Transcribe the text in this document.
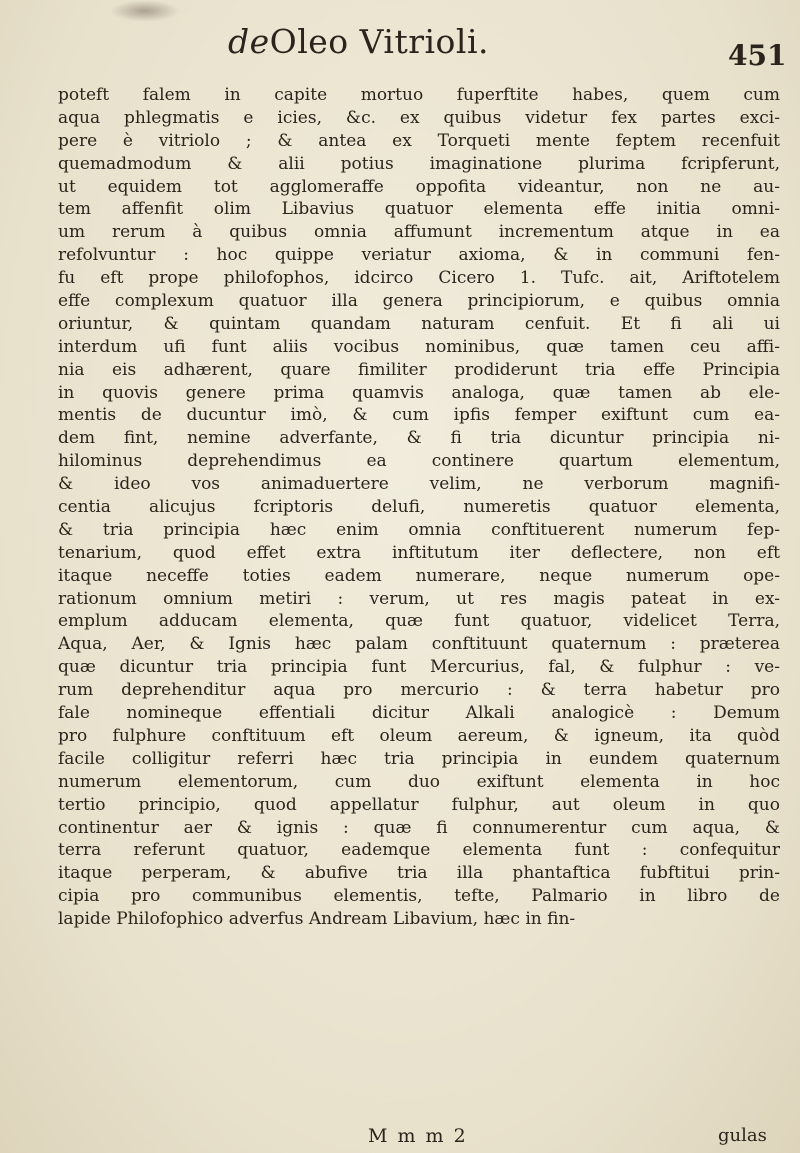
deOleo Vitrioli.	451
poteft falem in capite mortuo fuperftite habes, quem cum
aqua phlegmatis e icies, &c. ex quibus videtur fex partes exci-
pere è vitriolo ; & antea ex Torqueti mente feptem recenfuit
quemadmodum & alii potius imaginatione plurima fcripferunt,
ut equidem tot agglomeraffe oppofita videantur, non ne au-
tem affenfit olim Libavius quatuor elementa effe initia omni-
um rerum à quibus omnia affumunt incrementum atque in ea
refolvuntur : hoc quippe veriatur axioma, & in communi fen-
fu eft prope philofophos, idcirco Cicero 1. Tufc. ait, Ariftotelem
effe complexum quatuor illa genera principiorum, e quibus omnia
oriuntur, & quintam quandam naturam cenfuit. Et fi ali ui
interdum ufi funt aliis vocibus nominibus, quæ tamen ceu affi-
nia eis adhærent, quare fimiliter prodiderunt tria effe Principia
in quovis genere prima quamvis analoga, quæ tamen ab ele-
mentis de ducuntur imò, & cum ipfis femper exiftunt cum ea-
dem fint, nemine adverfante, & fi tria dicuntur principia ni-
hilominus deprehendimus ea continere quartum elementum,
& ideo vos animaduertere velim, ne verborum magnifi-
centia alicujus fcriptoris delufi, numeretis quatuor elementa,
& tria principia hæc enim omnia conftituerent numerum fep-
tenarium, quod effet extra inftitutum iter deflectere, non eft
itaque neceffe toties eadem numerare, neque numerum ope-
rationum omnium metiri : verum, ut res magis pateat in ex-
emplum adducam elementa, quæ funt quatuor, videlicet Terra,
Aqua, Aer, & Ignis hæc palam conftituunt quaternum : præterea
quæ dicuntur tria principia funt Mercurius, fal, & fulphur : ve-
rum deprehenditur aqua pro mercurio : & terra habetur pro
fale nomineque effentiali dicitur Alkali analogicè : Demum
pro fulphure conftituum eft oleum aereum, & igneum, ita quòd
facile colligitur referri hæc tria principia in eundem quaternum
numerum elementorum, cum duo exiftunt elementa in hoc
tertio principio, quod appellatur fulphur, aut oleum in quo
continentur aer & ignis : quæ fi connumerentur cum aqua, &
terra referunt quatuor, eademque elementa funt : confequitur
itaque perperam, & abufive tria illa phantaftica fubftitui prin-
cipia pro communibus elementis, tefte, Palmario in libro de
lapide Philofophico adverfus Andream Libavium, hæc in fin-
M m m 2	gulas
